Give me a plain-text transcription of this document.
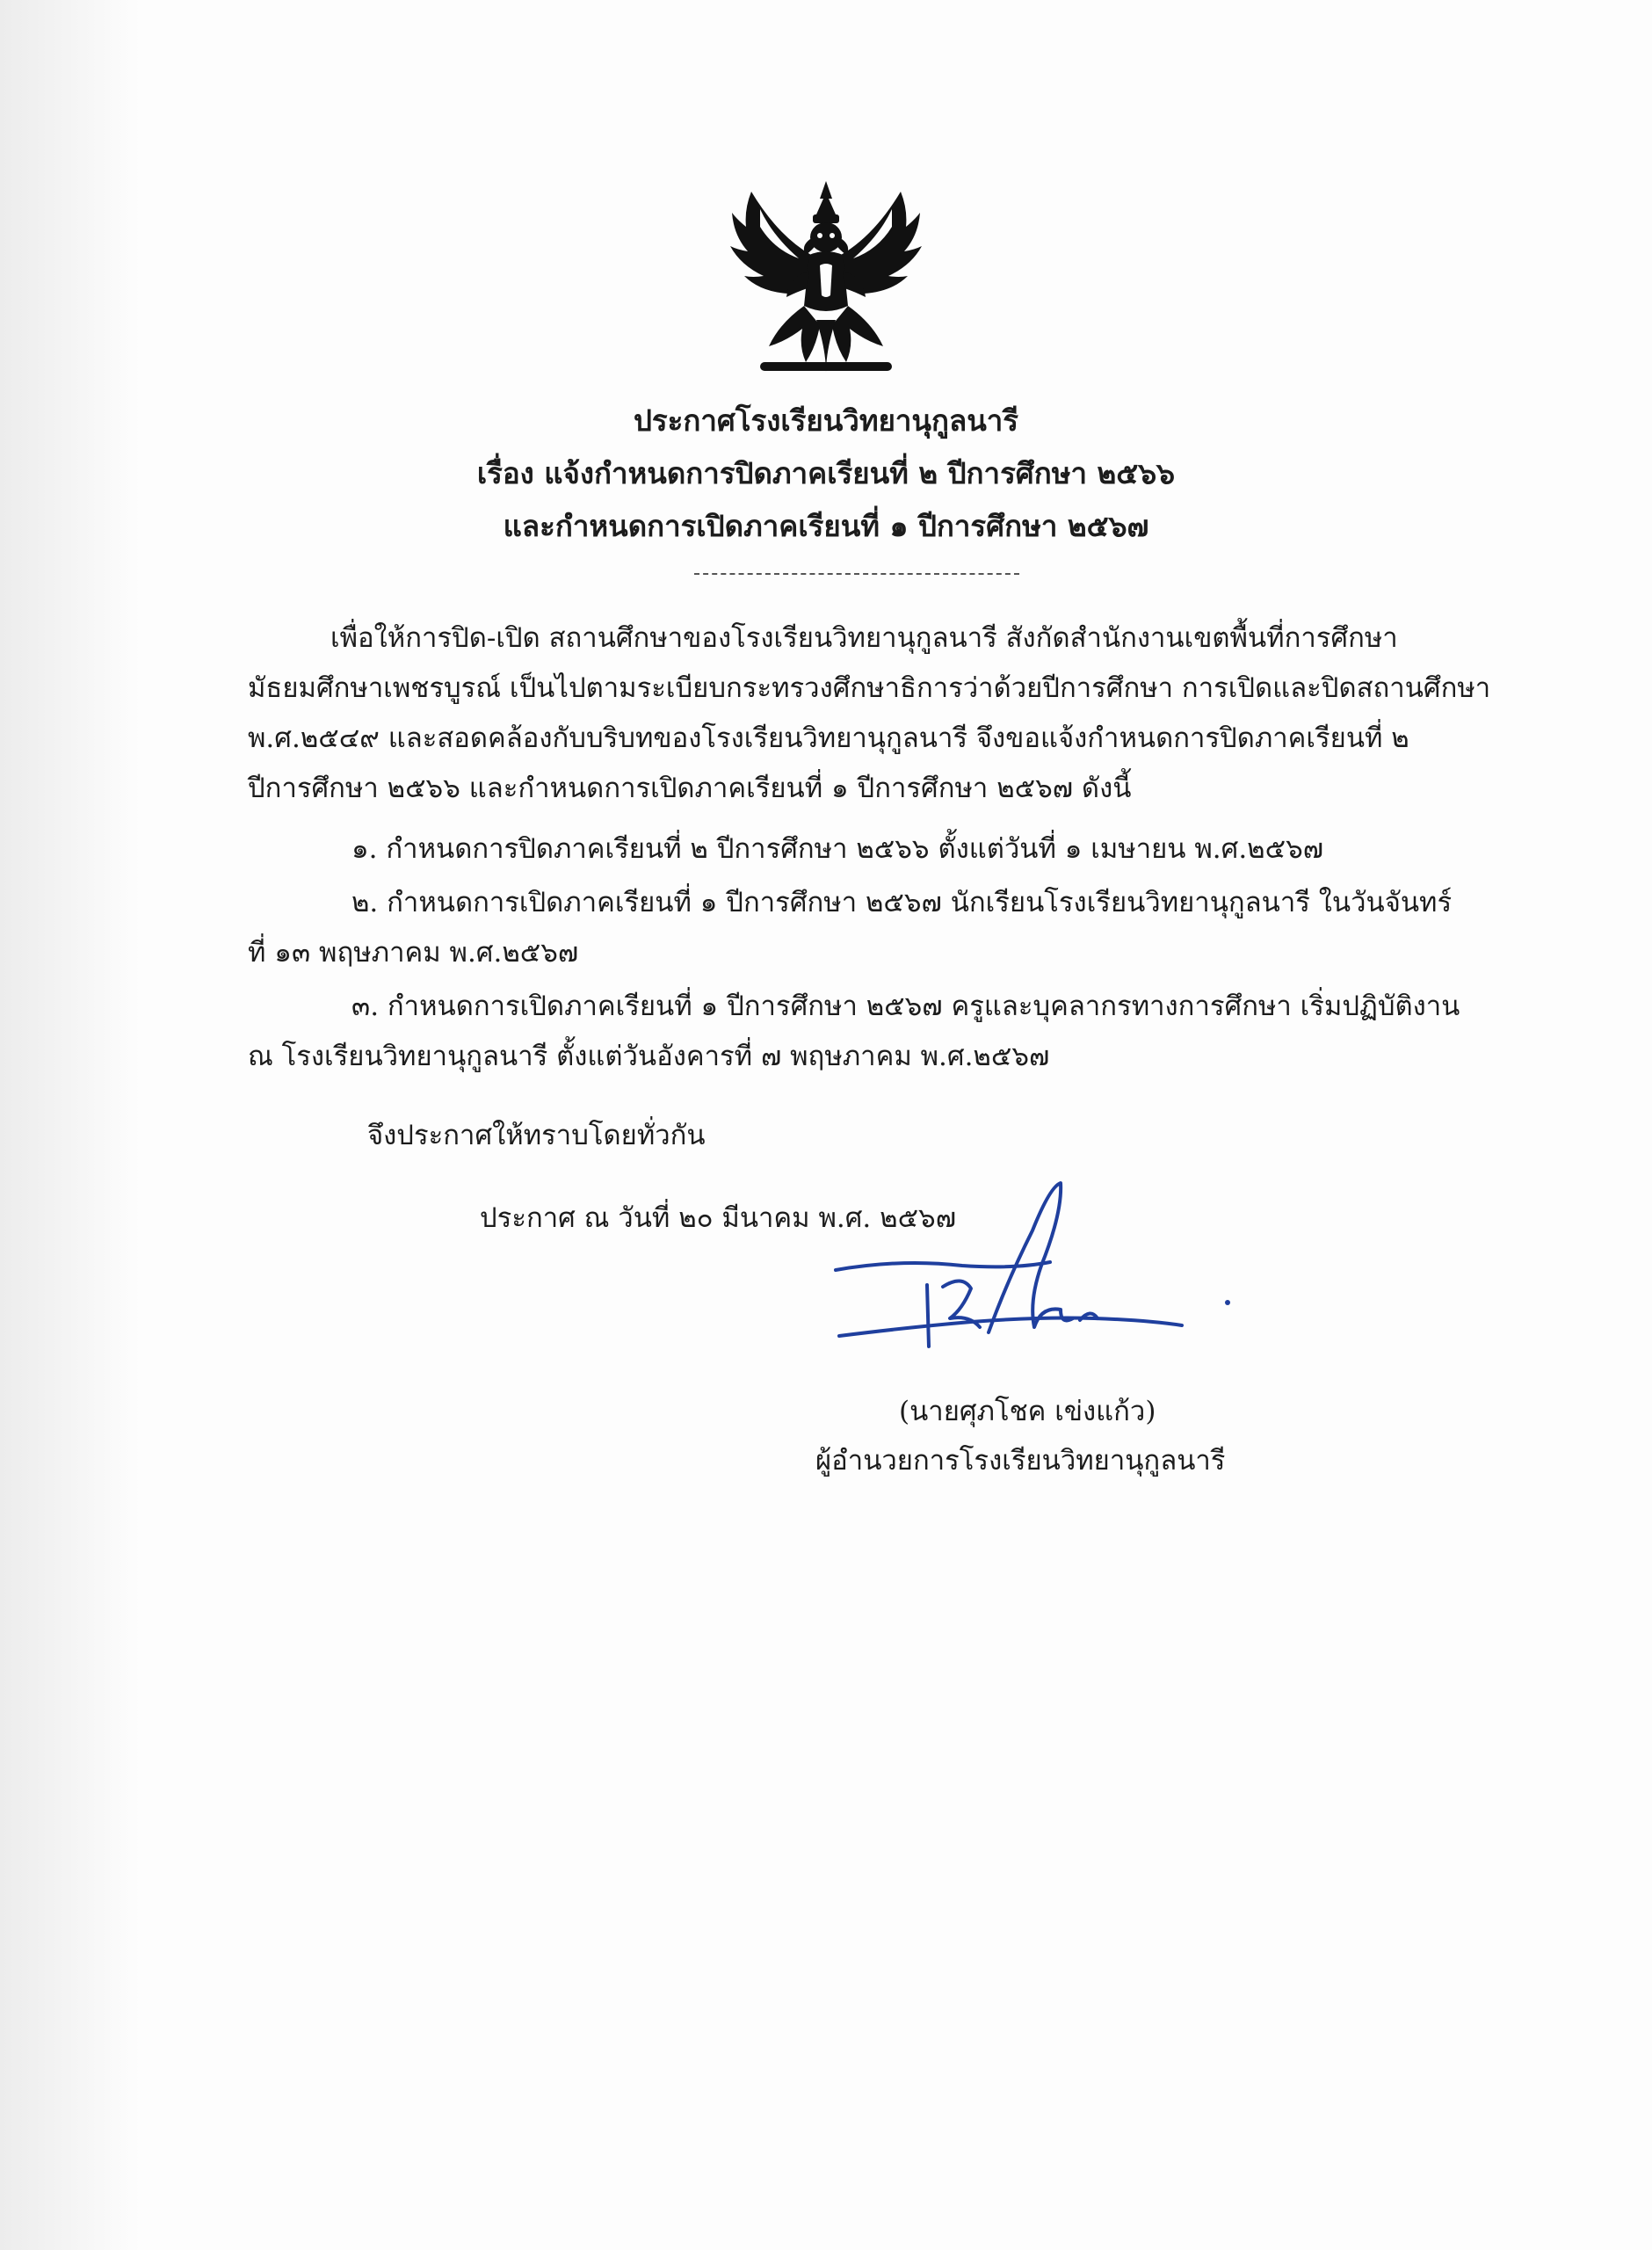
ประกาศโรงเรียนวิทยานุกูลนารี
เรื่อง แจ้งกำหนดการปิดภาคเรียนที่ ๒ ปีการศึกษา ๒๕๖๖
และกำหนดการเปิดภาคเรียนที่ ๑ ปีการศึกษา ๒๕๖๗
เพื่อให้การปิด-เปิด สถานศึกษาของโรงเรียนวิทยานุกูลนารี สังกัดสำนักงานเขตพื้นที่การศึกษา
มัธยมศึกษาเพชรบูรณ์ เป็นไปตามระเบียบกระทรวงศึกษาธิการว่าด้วยปีการศึกษา การเปิดและปิดสถานศึกษา
พ.ศ.๒๕๔๙ และสอดคล้องกับบริบทของโรงเรียนวิทยานุกูลนารี จึงขอแจ้งกำหนดการปิดภาคเรียนที่ ๒
ปีการศึกษา ๒๕๖๖ และกำหนดการเปิดภาคเรียนที่ ๑ ปีการศึกษา ๒๕๖๗ ดังนี้
๑. กำหนดการปิดภาคเรียนที่ ๒ ปีการศึกษา ๒๕๖๖ ตั้งแต่วันที่ ๑ เมษายน พ.ศ.๒๕๖๗
๒. กำหนดการเปิดภาคเรียนที่ ๑ ปีการศึกษา ๒๕๖๗ นักเรียนโรงเรียนวิทยานุกูลนารี ในวันจันทร์
ที่ ๑๓ พฤษภาคม พ.ศ.๒๕๖๗
๓. กำหนดการเปิดภาคเรียนที่ ๑ ปีการศึกษา ๒๕๖๗ ครูและบุคลากรทางการศึกษา เริ่มปฏิบัติงาน
ณ โรงเรียนวิทยานุกูลนารี ตั้งแต่วันอังคารที่ ๗ พฤษภาคม พ.ศ.๒๕๖๗
จึงประกาศให้ทราบโดยทั่วกัน
ประกาศ ณ วันที่ ๒๐ มีนาคม พ.ศ. ๒๕๖๗
(นายศุภโชค เข่งแก้ว)
ผู้อำนวยการโรงเรียนวิทยานุกูลนารี
